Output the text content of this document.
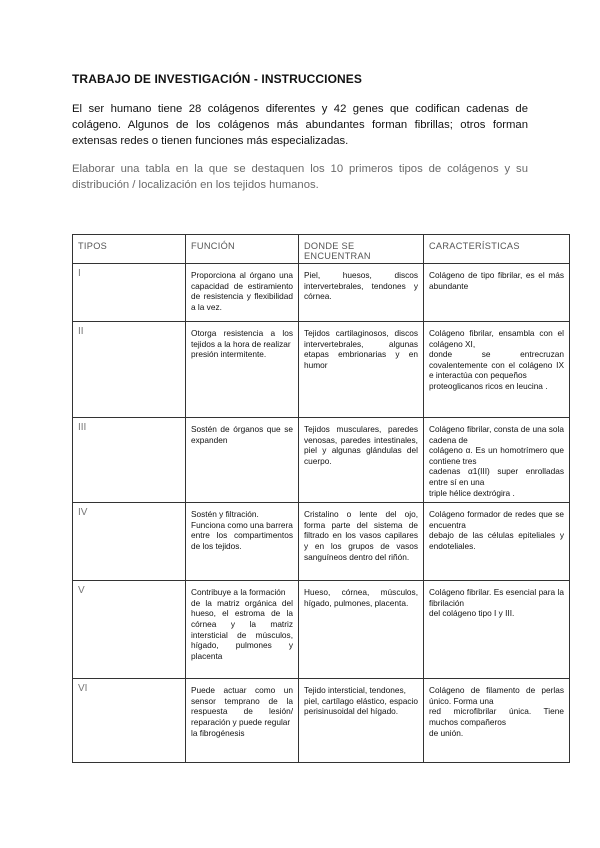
TRABAJO DE INVESTIGACIÓN - INSTRUCCIONES
El ser humano tiene 28 colágenos diferentes y 42 genes que codifican cadenas de colágeno. Algunos de los colágenos más abundantes forman fibrillas; otros forman extensas redes o tienen funciones más especializadas.
Elaborar una tabla en la que se destaquen los 10 primeros tipos de colágenos y su distribución / localización en los tejidos humanos.
TIPOS	FUNCIÓN	DONDE SE ENCUENTRAN	CARACTERÍSTICAS
I	Proporciona al órgano una capacidad de estiramiento de resistencia y flexibilidad a la vez.	Piel, huesos, discos intervertebrales, tendones y córnea.	Colágeno de tipo fibrilar, es el más abundante

II	Otorga resistencia a los tejidos a la hora de realizar
presión intermitente.	Tejidos cartilaginosos, discos intervertebrales, algunas etapas embrionarias y en humor	Colágeno fibrilar, ensambla con el colágeno XI,
donde se entrecruzan covalentemente con el colágeno IX e interactúa con pequeños
proteoglicanos ricos en leucina .

III	Sostén de órganos que se expanden	Tejidos musculares, paredes venosas, paredes intestinales, piel y algunas glándulas del cuerpo.	Colágeno fibrilar, consta de una sola cadena de
colágeno α. Es un homotrímero que contiene tres
cadenas α1(III) super enrolladas entre sí en una
triple hélice dextrógira .

IV	Sostén y filtración.
Funciona como una barrera
entre los compartimentos de los tejidos.	Cristalino o lente del ojo, forma parte del sistema de filtrado en los vasos capilares y en los grupos de vasos sanguíneos dentro del riñón.	Colágeno formador de redes que se encuentra
debajo de las células epiteliales y endoteliales.

V	Contribuye a la formación
de la matriz orgánica del hueso, el estroma de la córnea y la matriz intersticial de músculos, hígado, pulmones y placenta	Hueso, córnea, músculos, hígado, pulmones, placenta.	Colágeno fibrilar. Es esencial para la fibrilación
del colágeno tipo I y III.

VI	Puede actuar como un sensor temprano de la respuesta de lesión/ reparación y puede regular
la fibrogénesis	Tejido intersticial, tendones,
piel, cartílago elástico, espacio perisinusoidal del hígado.	Colágeno de filamento de perlas único. Forma una
red microfibrilar única. Tiene muchos compañeros
de unión.
